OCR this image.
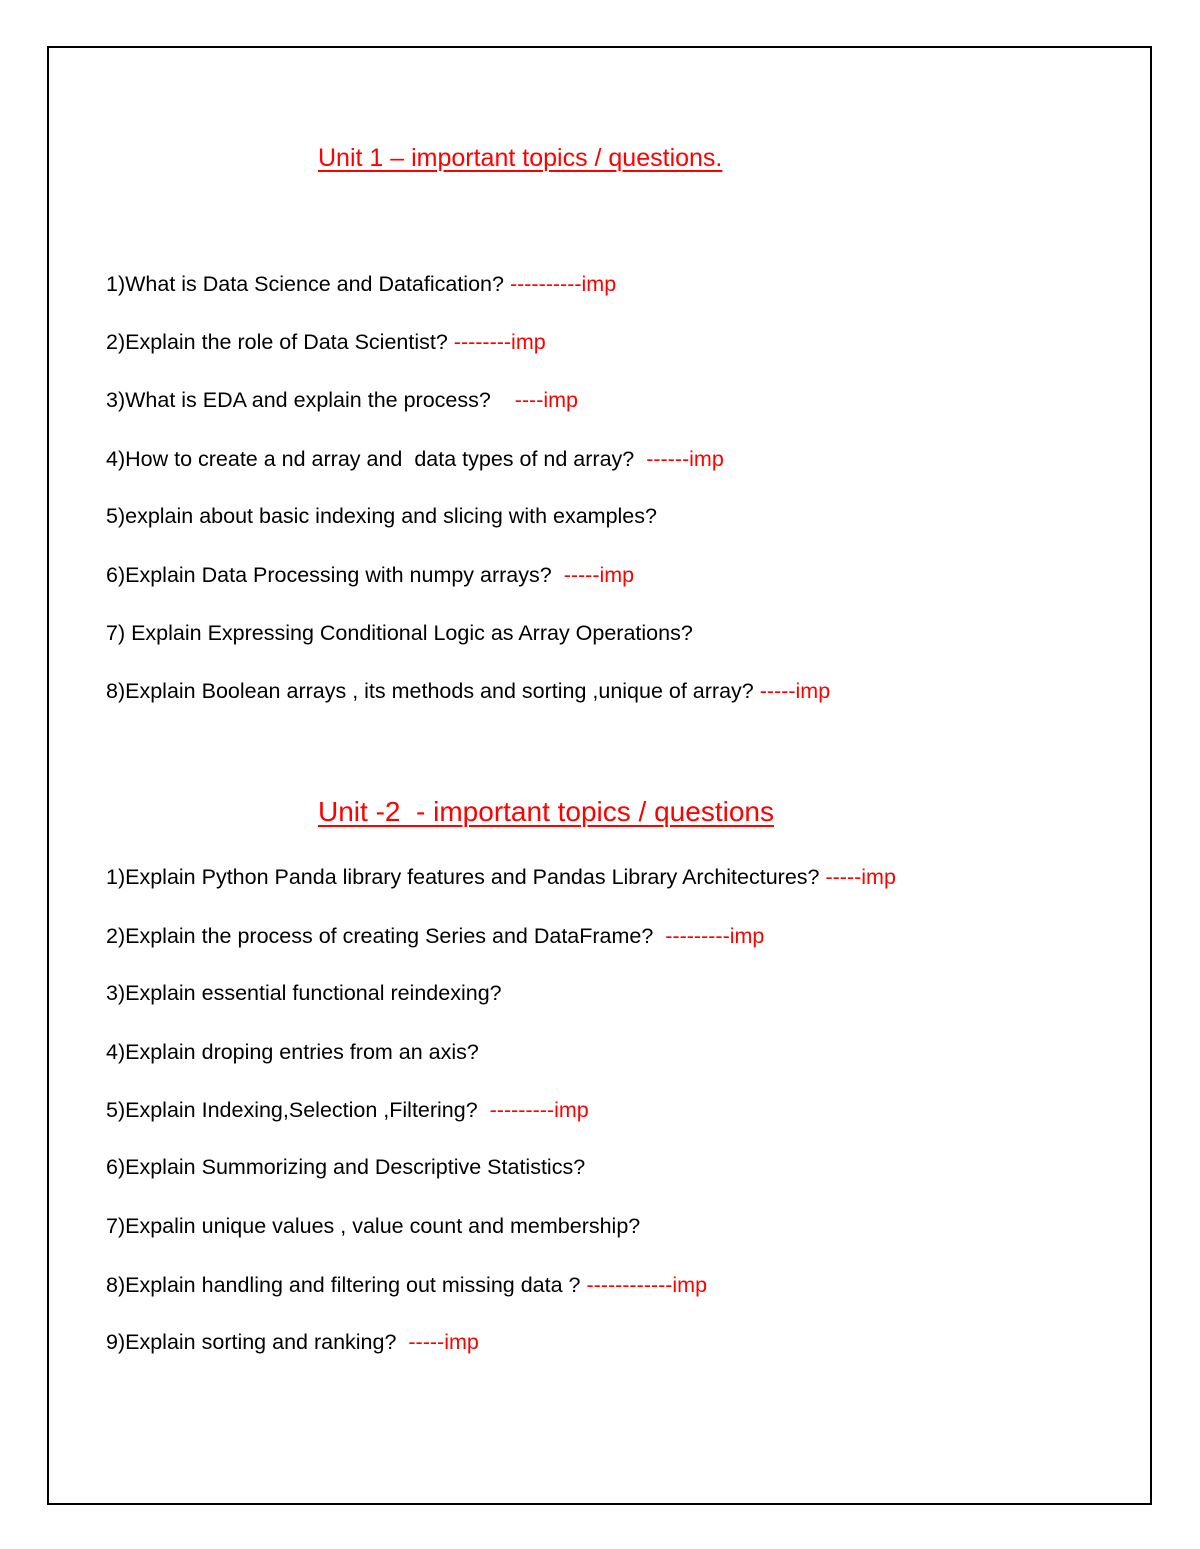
Unit 1 – important topics / questions.
1)What is Data Science and Datafication? ----------imp
2)Explain the role of Data Scientist? --------imp
3)What is EDA and explain the process?    ----imp
4)How to create a nd array and  data types of nd array?  ------imp
5)explain about basic indexing and slicing with examples?
6)Explain Data Processing with numpy arrays?  -----imp
7) Explain Expressing Conditional Logic as Array Operations?
8)Explain Boolean arrays , its methods and sorting ,unique of array? -----imp
Unit -2  - important topics / questions
1)Explain Python Panda library features and Pandas Library Architectures? -----imp
2)Explain the process of creating Series and DataFrame?  ---------imp
3)Explain essential functional reindexing?
4)Explain droping entries from an axis?
5)Explain Indexing,Selection ,Filtering?  ---------imp
6)Explain Summorizing and Descriptive Statistics?
7)Expalin unique values , value count and membership?
8)Explain handling and filtering out missing data ? ------------imp
9)Explain sorting and ranking?  -----imp
